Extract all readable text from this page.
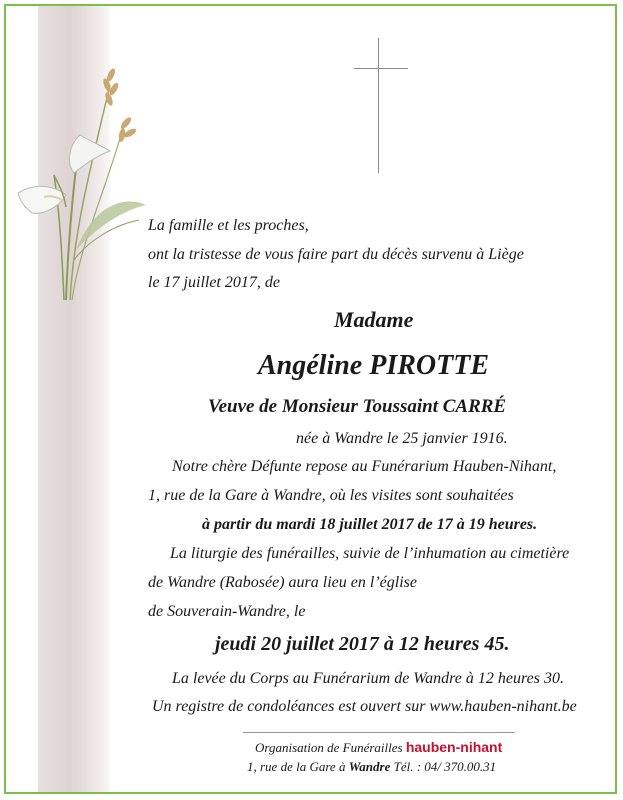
La famille et les proches,
ont la tristesse de vous faire part du décès survenu à Liège
le 17 juillet 2017, de
Madame
Angéline PIROTTE
Veuve de Monsieur Toussaint CARRÉ
née à Wandre le 25 janvier 1916.
Notre chère Défunte repose au Funérarium Hauben-Nihant,
1, rue de la Gare à Wandre, où les visites sont souhaitées
à partir du mardi 18 juillet 2017 de 17 à 19 heures.
La liturgie des funérailles, suivie de l’inhumation au cimetière
de Wandre (Rabosée) aura lieu en l’église
de Souverain-Wandre, le
jeudi 20 juillet 2017 à 12 heures 45.
La levée du Corps au Funérarium de Wandre à 12 heures 30.
Un registre de condoléances est ouvert sur www.hauben-nihant.be
Organisation de Funérailles hauben-nihant
1, rue de la Gare à Wandre Tél. : 04/ 370.00.31
